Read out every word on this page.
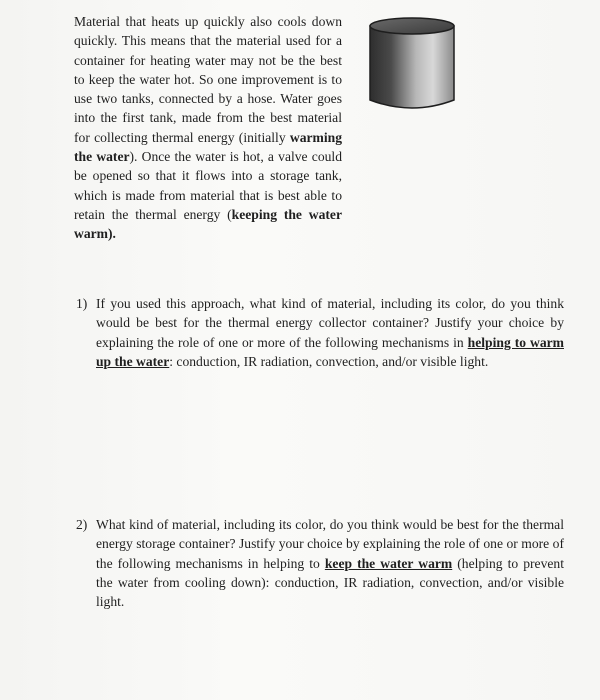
Material that heats up quickly also cools down quickly. This means that the material used for a container for heating water may not be the best to keep the water hot. So one improvement is to use two tanks, connected by a hose. Water goes into the first tank, made from the best material for collecting thermal energy (initially warming the water). Once the water is hot, a valve could be opened so that it flows into a storage tank, which is made from material that is best able to retain the thermal energy (keeping the water warm).

1) If you used this approach, what kind of material, including its color, do you think would be best for the thermal energy collector container? Justify your choice by explaining the role of one or more of the following mechanisms in helping to warm up the water: conduction, IR radiation, convection, and/or visible light.
2) What kind of material, including its color, do you think would be best for the thermal energy storage container? Justify your choice by explaining the role of one or more of the following mechanisms in helping to keep the water warm (helping to prevent the water from cooling down): conduction, IR radiation, convection, and/or visible light.
